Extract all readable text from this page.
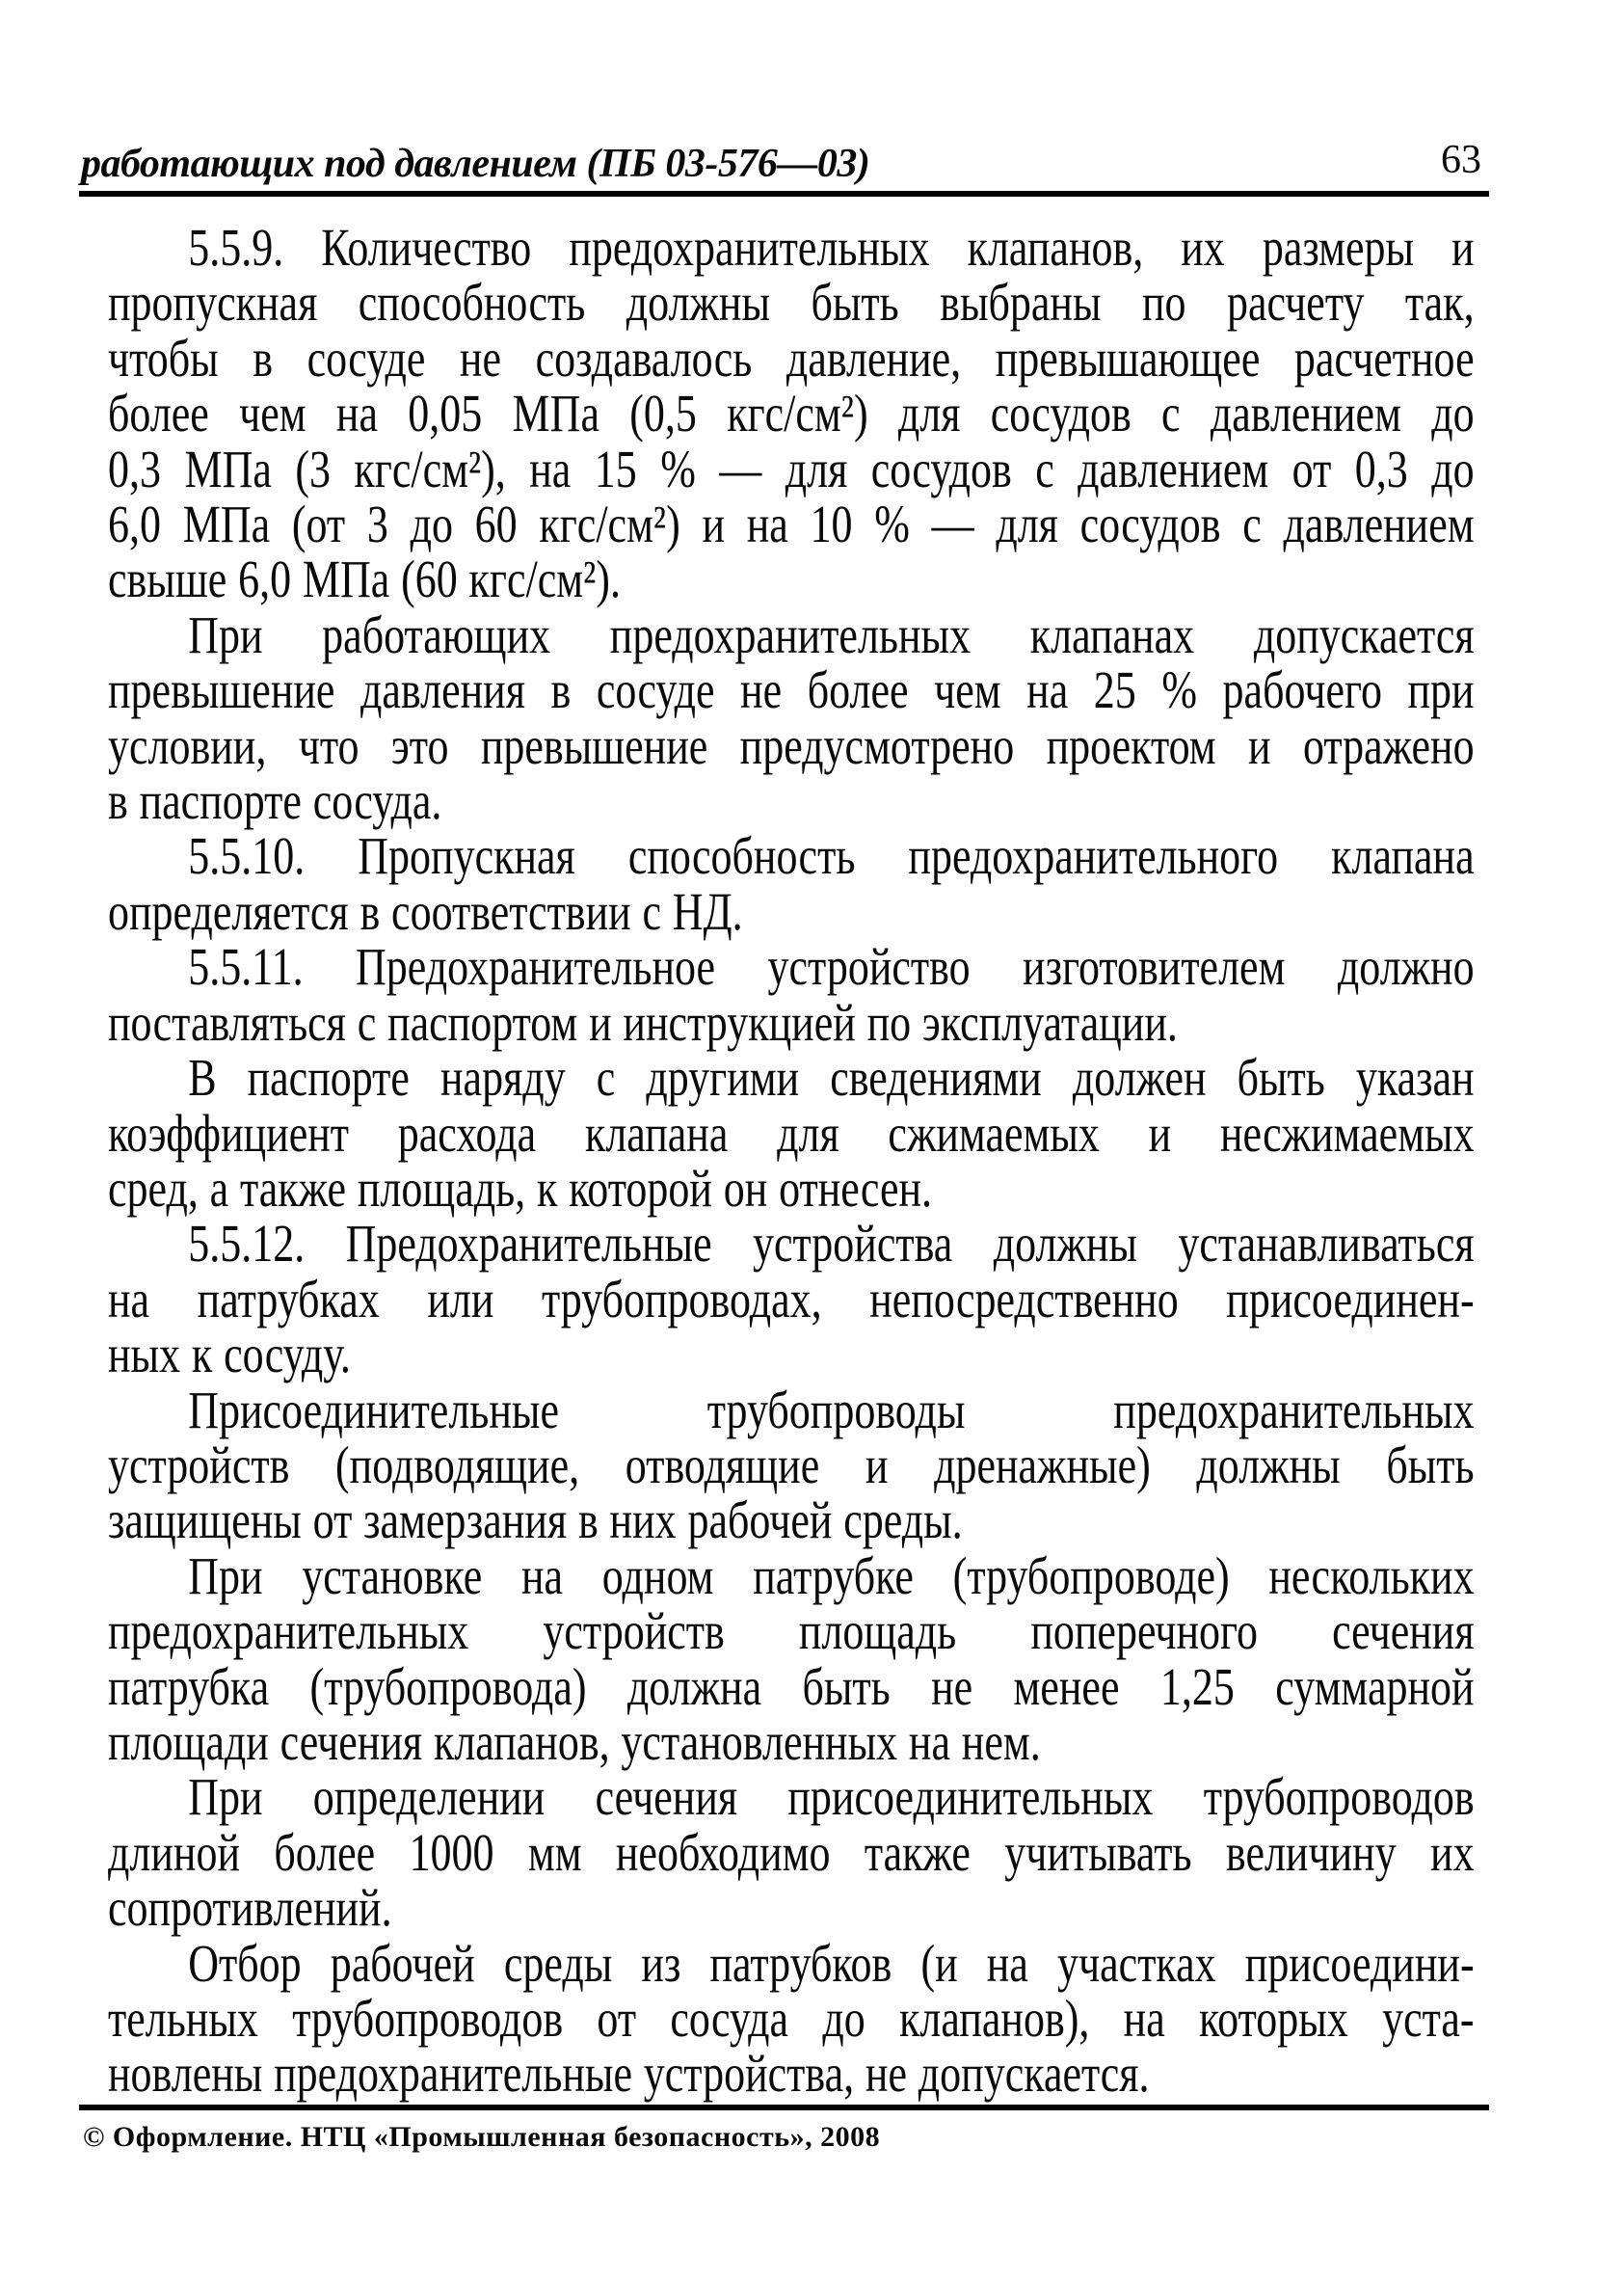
работающих под давлением (ПБ 03-576—03)	63

5.5.9. Количество предохранительных клапанов, их размеры и

пропускная способность должны быть выбраны по расчету так,

чтобы в сосуде не создавалось давление, превышающее расчетное

более чем на 0,05 МПа (0,5 кгс/см²) для сосудов с давлением до

0,3 МПа (3 кгс/см²), на 15 % — для сосудов с давлением от 0,3 до

6,0 МПа (от 3 до 60 кгс/см²) и на 10 % — для сосудов с давлением

свыше 6,0 МПа (60 кгс/см²).

При работающих предохранительных клапанах допускается

превышение давления в сосуде не более чем на 25 % рабочего при

условии, что это превышение предусмотрено проектом и отражено

в паспорте сосуда.

5.5.10. Пропускная способность предохранительного клапана

определяется в соответствии с НД.

5.5.11. Предохранительное устройство изготовителем должно

поставляться с паспортом и инструкцией по эксплуатации.

В паспорте наряду с другими сведениями должен быть указан

коэффициент расхода клапана для сжимаемых и несжимаемых

сред, а также площадь, к которой он отнесен.

5.5.12. Предохранительные устройства должны устанавливаться

на патрубках или трубопроводах, непосредственно присоединен-

ных к сосуду.

Присоединительные трубопроводы предохранительных

устройств (подводящие, отводящие и дренажные) должны быть

защищены от замерзания в них рабочей среды.

При установке на одном патрубке (трубопроводе) нескольких

предохранительных устройств площадь поперечного сечения

патрубка (трубопровода) должна быть не менее 1,25 суммарной

площади сечения клапанов, установленных на нем.

При определении сечения присоединительных трубопроводов

длиной более 1000 мм необходимо также учитывать величину их

сопротивлений.

Отбор рабочей среды из патрубков (и на участках присоедини-

тельных трубопроводов от сосуда до клапанов), на которых уста-

новлены предохранительные устройства, не допускается.

© Оформление. НТЦ «Промышленная безопасность», 2008
